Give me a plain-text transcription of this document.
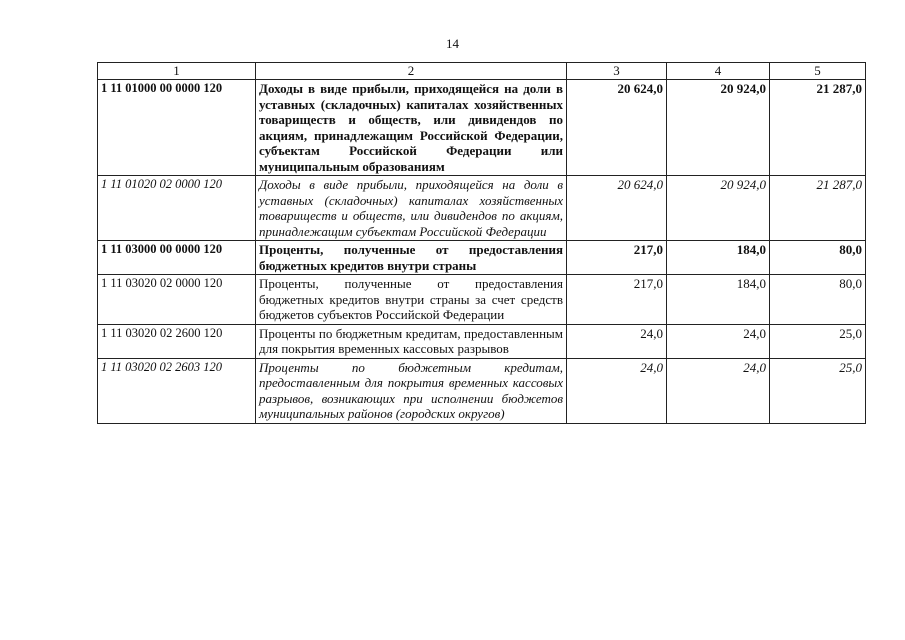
14
1	2	3	4	5
1 11 01000 00 0000 120	Доходы в виде прибыли, приходящейся на доли в уставных (складочных) капиталах хозяйственных товариществ и обществ, или дивидендов по акциям, принадлежащим Российской Федерации, субъектам Российской Федерации или муниципальным образованиям	20 624,0	20 924,0	21 287,0
1 11 01020 02 0000 120	Доходы в виде прибыли, приходящейся на доли в уставных (складочных) капиталах хозяйственных товариществ и обществ, или дивидендов по акциям, принадлежащим субъектам Российской Федерации	20 624,0	20 924,0	21 287,0
1 11 03000 00 0000 120	Проценты, полученные от предоставления бюджетных кредитов внутри страны	217,0	184,0	80,0
1 11 03020 02 0000 120	Проценты, полученные от предоставления бюджетных кредитов внутри страны за счет средств бюджетов субъектов Российской Федерации	217,0	184,0	80,0
1 11 03020 02 2600 120	Проценты по бюджетным кредитам, предоставленным для покрытия временных кассовых разрывов	24,0	24,0	25,0
1 11 03020 02 2603 120	Проценты по бюджетным кредитам, предоставленным для покрытия временных кассовых разрывов, возникающих при исполнении бюджетов муниципальных районов (городских округов)	24,0	24,0	25,0
